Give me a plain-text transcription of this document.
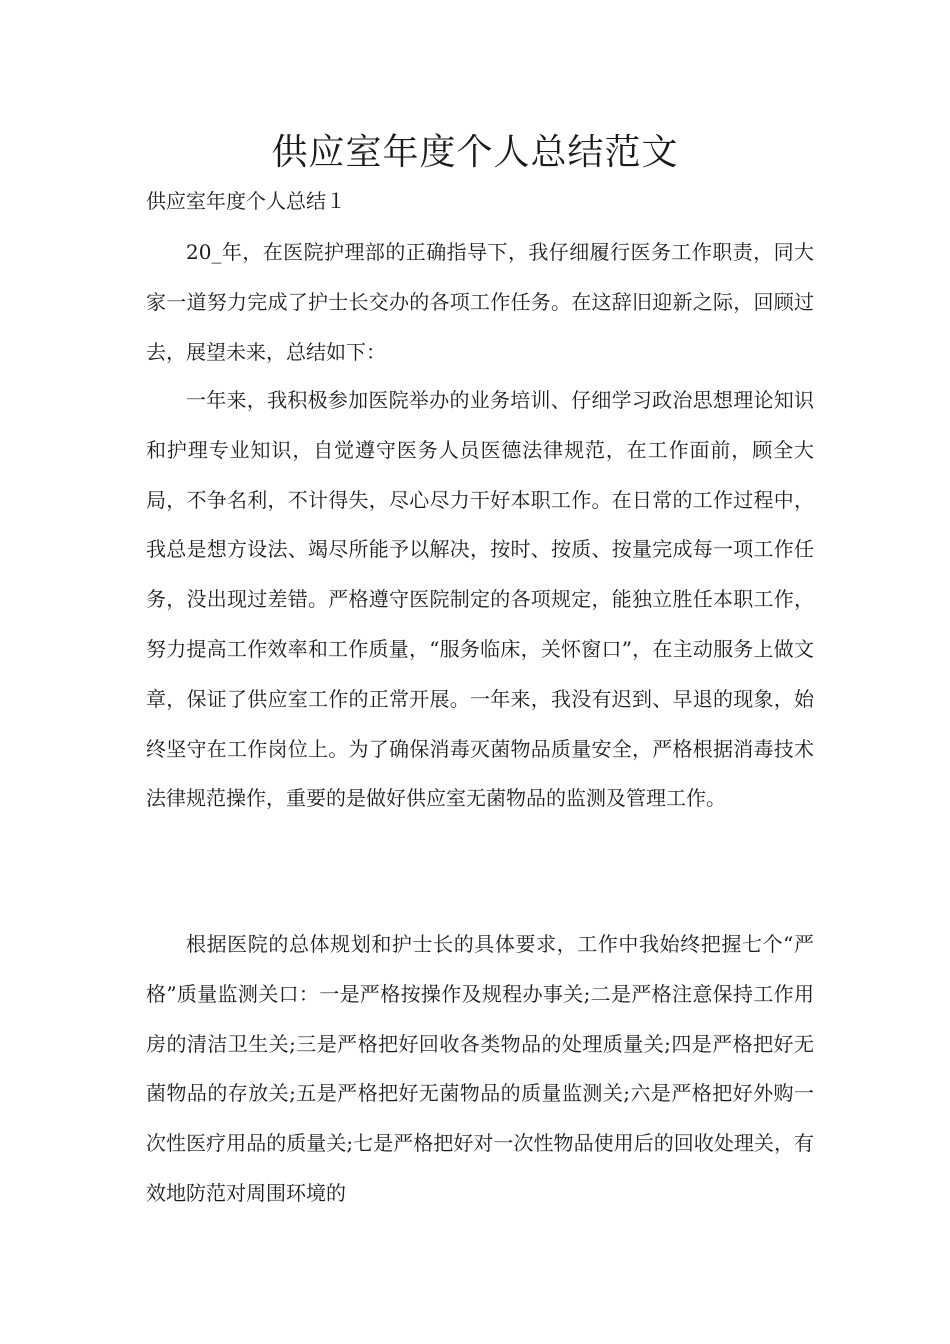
供应室年度个人总结范文

供应室年度个人总结１

20_年，在医院护理部的正确指导下，我仔细履行医务工作职责，同大家一道努力完成了护士长交办的各项工作任务。在这辞旧迎新之际，回顾过去，展望未来，总结如下：

一年来，我积极参加医院举办的业务培训、仔细学习政治思想理论知识和护理专业知识，自觉遵守医务人员医德法律规范，在工作面前，顾全大局，不争名利，不计得失，尽心尽力干好本职工作。在日常的工作过程中，我总是想方设法、竭尽所能予以解决，按时、按质、按量完成每一项工作任务，没出现过差错。严格遵守医院制定的各项规定，能独立胜任本职工作，努力提高工作效率和工作质量，“服务临床，关怀窗口”，在主动服务上做文章，保证了供应室工作的正常开展。一年来，我没有迟到、早退的现象，始终坚守在工作岗位上。为了确保消毒灭菌物品质量安全，严格根据消毒技术法律规范操作，重要的是做好供应室无菌物品的监测及管理工作。

根据医院的总体规划和护士长的具体要求，工作中我始终把握七个“严格”质量监测关口：一是严格按操作及规程办事关;二是严格注意保持工作用房的清洁卫生关;三是严格把好回收各类物品的处理质量关;四是严格把好无菌物品的存放关;五是严格把好无菌物品的质量监测关;六是严格把好外购一次性医疗用品的质量关;七是严格把好对一次性物品使用后的回收处理关，有效地防范对周围环境的
